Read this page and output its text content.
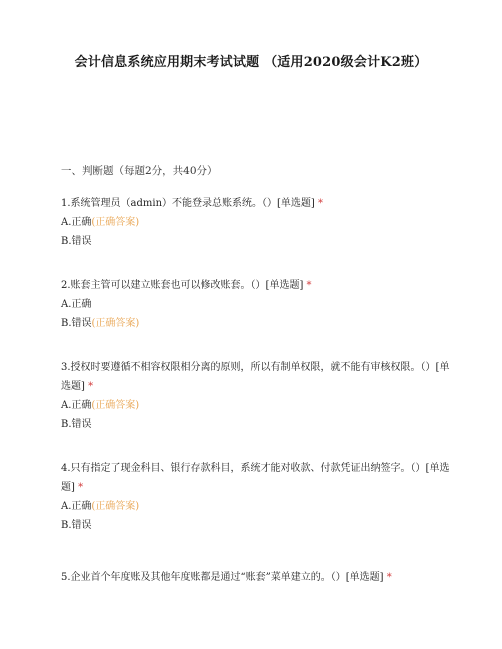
会计信息系统应用期末考试试题 （适用2020级会计K2班）
一、判断题（每题2分，共40分）

1.系统管理员（admin）不能登录总账系统。（）[单选题] *

A.正确(正确答案)

B.错误

2.账套主管可以建立账套也可以修改账套。（）[单选题] *

A.正确

B.错误(正确答案)

3.授权时要遵循不相容权限相分离的原则，所以有制单权限，就不能有审核权限。（）[单选题] *

A.正确(正确答案)

B.错误

4.只有指定了现金科目、银行存款科目，系统才能对收款、付款凭证出纳签字。（）[单选题] *

A.正确(正确答案)

B.错误

5.企业首个年度账及其他年度账都是通过“账套”菜单建立的。（）[单选题] *
